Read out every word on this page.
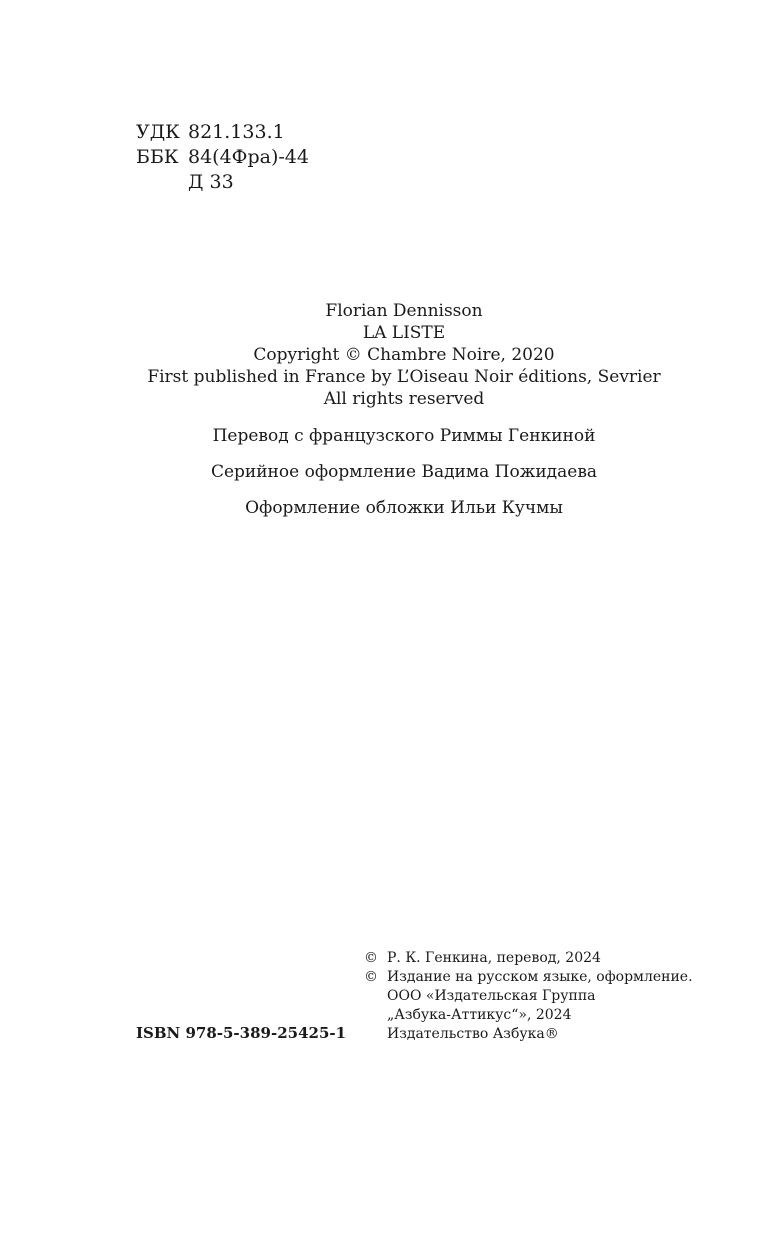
УДК 821.133.1
ББК 84(4Фра)-44
Д 33
Florian Dennisson
LA LISTE
Copyright © Chambre Noire, 2020
First published in France by L’Oiseau Noir éditions, Sevrier
All rights reserved
Перевод с французского Риммы Генкиной
Серийное оформление Вадима Пожидаева
Оформление обложки Ильи Кучмы
© Р. К. Генкина, перевод, 2024
© Издание на русском языке, оформление.
ООО «Издательская Группа
„Азбука-Аттикус“», 2024
Издательство Азбука®
ISBN 978-5-389-25425-1
